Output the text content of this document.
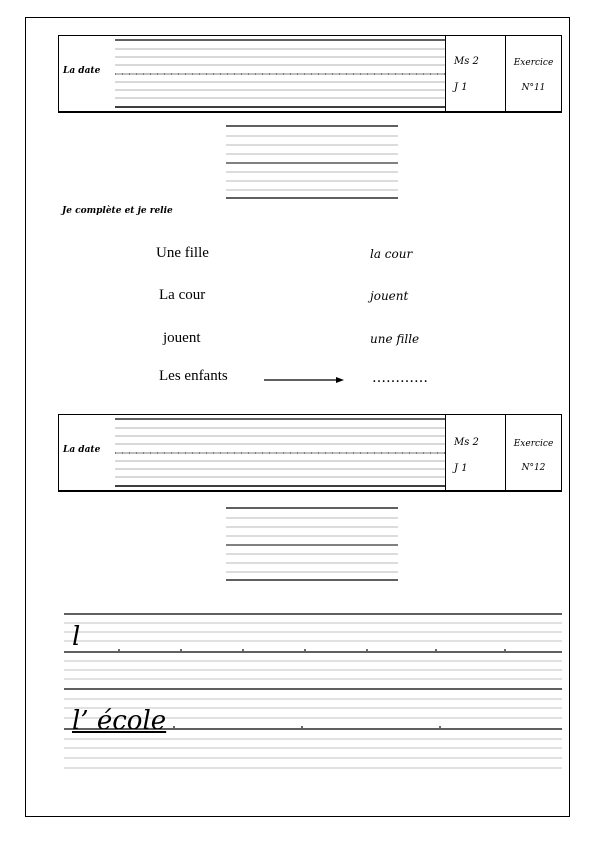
La date
Ms 2
J 1
Exercice
N°11
Je complète et je relie
Une fille
La cour
jouent
Les enfants
la cour
jouent
une fille
…………
La date
Ms 2
J 1
Exercice
N°12
l
l’ école
